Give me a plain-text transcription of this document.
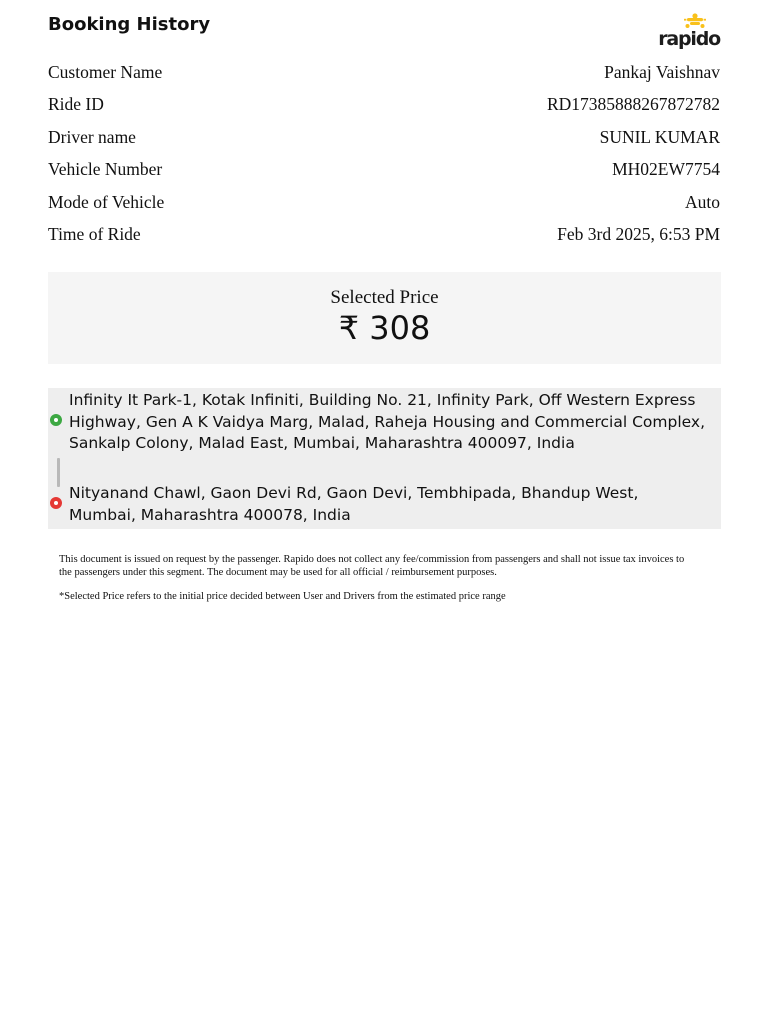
Booking History
rapido
Customer Name	Pankaj Vaishnav
Ride ID	RD17385888267872782
Driver name	SUNIL KUMAR
Vehicle Number	MH02EW7754
Mode of Vehicle	Auto
Time of Ride	Feb 3rd 2025, 6:53 PM
Selected Price
₹ 308
Infinity It Park-1, Kotak Infiniti, Building No. 21, Infinity Park, Off Western Express Highway, Gen A K Vaidya Marg, Malad, Raheja Housing and Commercial Complex, Sankalp Colony, Malad East, Mumbai, Maharashtra 400097, India
Nityanand Chawl, Gaon Devi Rd, Gaon Devi, Tembhipada, Bhandup West, Mumbai, Maharashtra 400078, India
This document is issued on request by the passenger. Rapido does not collect any fee/commission from passengers and shall not issue tax invoices to the passengers under this segment. The document may be used for all official / reimbursement purposes.
*Selected Price refers to the initial price decided between User and Drivers from the estimated price range
